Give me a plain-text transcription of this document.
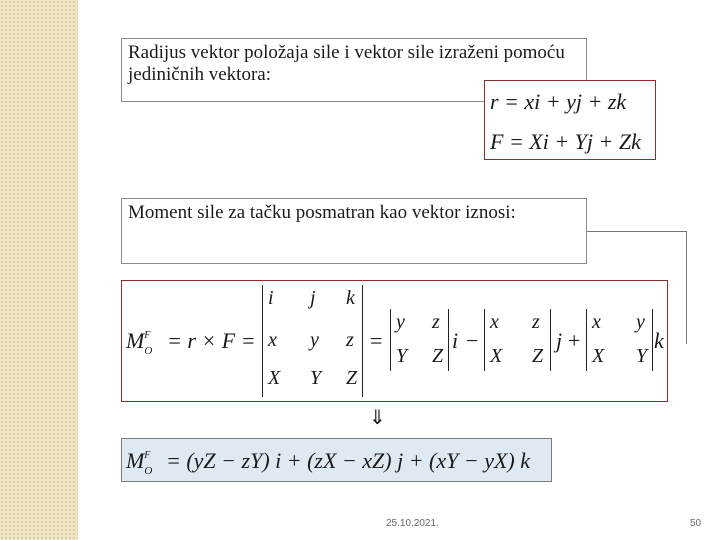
Radijus vektor položaja sile i vektor sile izraženi pomoću jediničnih vektora:
r = xi + yj + zk
F = Xi + Yj + Zk
Moment sile za tačku posmatran kao vektor iznosi:
$M_O^F = r \times F$ =
i j k
x y z
X Y Z
=
y z
Y Z
i −
x z
X Z
j +
x y
X Y
k
⇓
$M_O^F = (yZ - zY) i + (zX - xZ) j + (xY - yX)$ k
25.10.2021.	50
